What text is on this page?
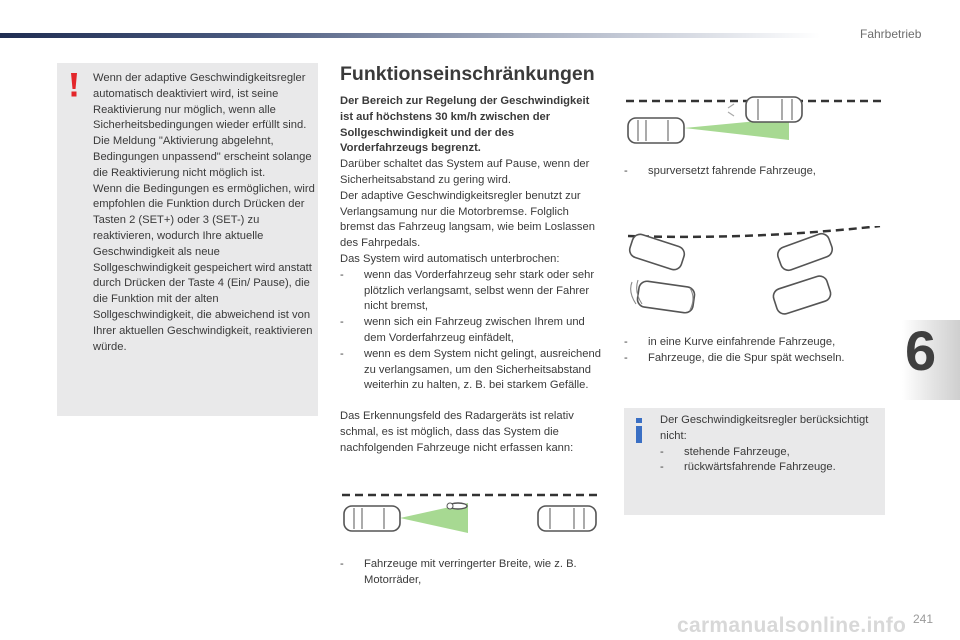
Fahrbetrieb
6

Wenn der adaptive Geschwindigkeitsregler automatisch deaktiviert wird, ist seine Reaktivierung nur möglich, wenn alle Sicherheitsbedingungen wieder erfüllt sind. Die Meldung "Aktivierung abgelehnt, Bedingungen unpassend" erscheint solange die Reaktivierung nicht möglich ist.

Wenn die Bedingungen es ermöglichen, wird empfohlen die Funktion durch Drücken der Tasten 2 (SET+) oder 3 (SET-) zu reaktivieren, wodurch Ihre aktuelle Geschwindigkeit als neue Sollgeschwindigkeit gespeichert wird anstatt durch Drücken der Taste 4 (Ein/ Pause), die die Funktion mit der alten Sollgeschwindigkeit, die abweichend ist von Ihrer aktuellen Geschwindigkeit, reaktivieren würde.

Funktionseinschränkungen

Der Bereich zur Regelung der Geschwindigkeit ist auf höchstens 30 km/h zwischen der Sollgeschwindigkeit und der des Vorderfahrzeugs begrenzt.

Darüber schaltet das System auf Pause, wenn der Sicherheitsabstand zu gering wird.

Der adaptive Geschwindigkeitsregler benutzt zur Verlangsamung nur die Motorbremse. Folglich bremst das Fahrzeug langsam, wie beim Loslassen des Fahrpedals.

Das System wird automatisch unterbrochen:

- wenn das Vorderfahrzeug sehr stark oder sehr plötzlich verlangsamt, selbst wenn der Fahrer nicht bremst,
- wenn sich ein Fahrzeug zwischen Ihrem und dem Vorderfahrzeug einfädelt,
- wenn es dem System nicht gelingt, ausreichend zu verlangsamen, um den Sicherheitsabstand weiterhin zu halten, z. B. bei starkem Gefälle.

Das Erkennungsfeld des Radargeräts ist relativ schmal, es ist möglich, dass das System die nachfolgenden Fahrzeuge nicht erfassen kann:

- Fahrzeuge mit verringerter Breite, wie z. B. Motorräder,
- spurversetzt fahrende Fahrzeuge,
- in eine Kurve einfahrende Fahrzeuge,
- Fahrzeuge, die die Spur spät wechseln.

Der Geschwindigkeitsregler berücksichtigt nicht:

- stehende Fahrzeuge,
- rückwärtsfahrende Fahrzeuge.
241
carmanualsonline.info
